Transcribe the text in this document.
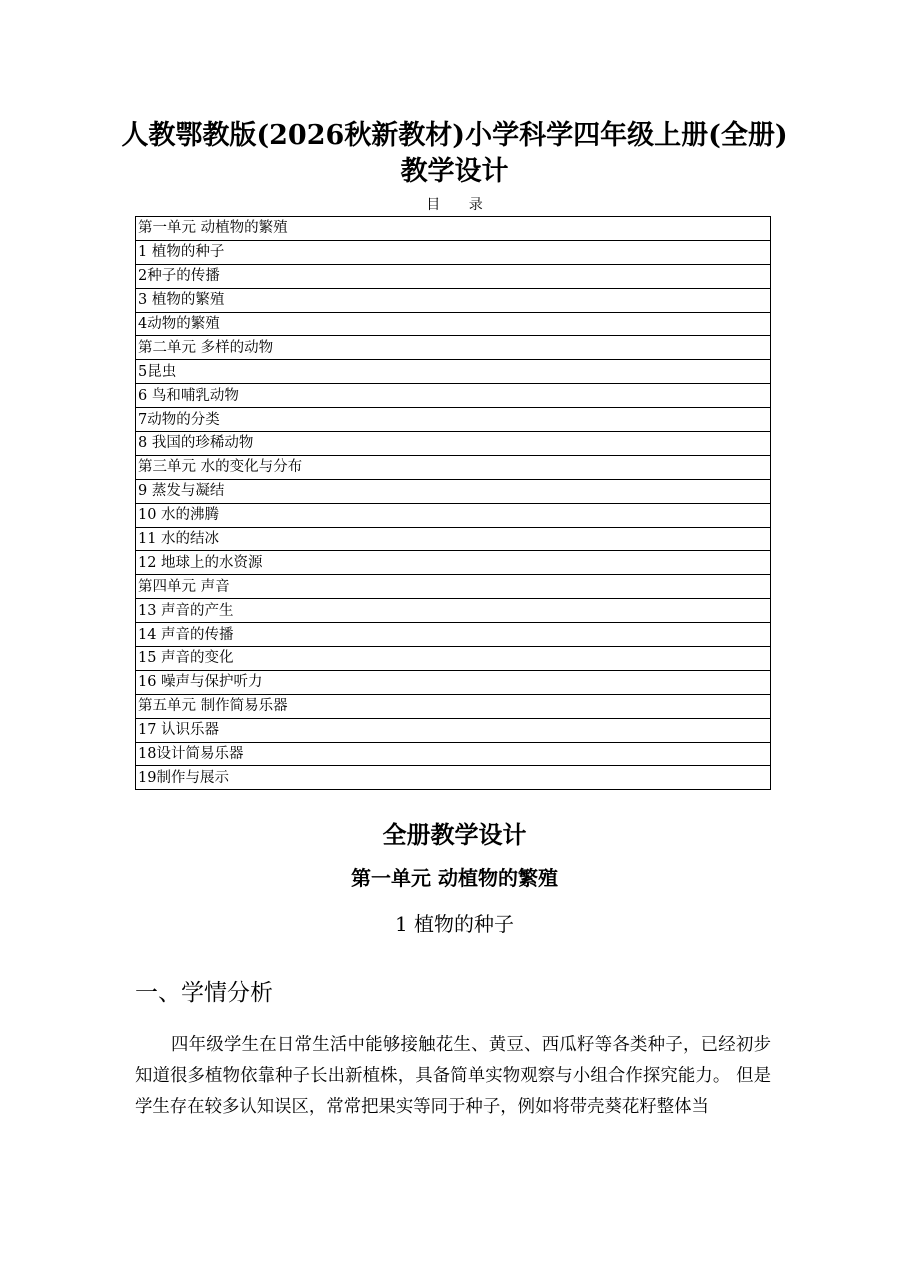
人教鄂教版(2026秋新教材)小学科学四年级上册(全册)
教学设计
目 录
第一单元 动植物的繁殖
1 植物的种子
2种子的传播
3 植物的繁殖
4动物的繁殖
第二单元 多样的动物
5昆虫
6 鸟和哺乳动物
7动物的分类
8 我国的珍稀动物
第三单元 水的变化与分布
9 蒸发与凝结
10 水的沸腾
11 水的结冰
12 地球上的水资源
第四单元 声音
13 声音的产生
14 声音的传播
15 声音的变化
16 噪声与保护听力
第五单元 制作简易乐器
17 认识乐器
18设计简易乐器
19制作与展示
全册教学设计
第一单元 动植物的繁殖
1 植物的种子
一、学情分析

四年级学生在日常生活中能够接触花生、黄豆、西瓜籽等各类种子，已经初步知道很多植物依靠种子长出新植株，具备简单实物观察与小组合作探究能力。 但是学生存在较多认知误区，常常把果实等同于种子，例如将带壳葵花籽整体当
